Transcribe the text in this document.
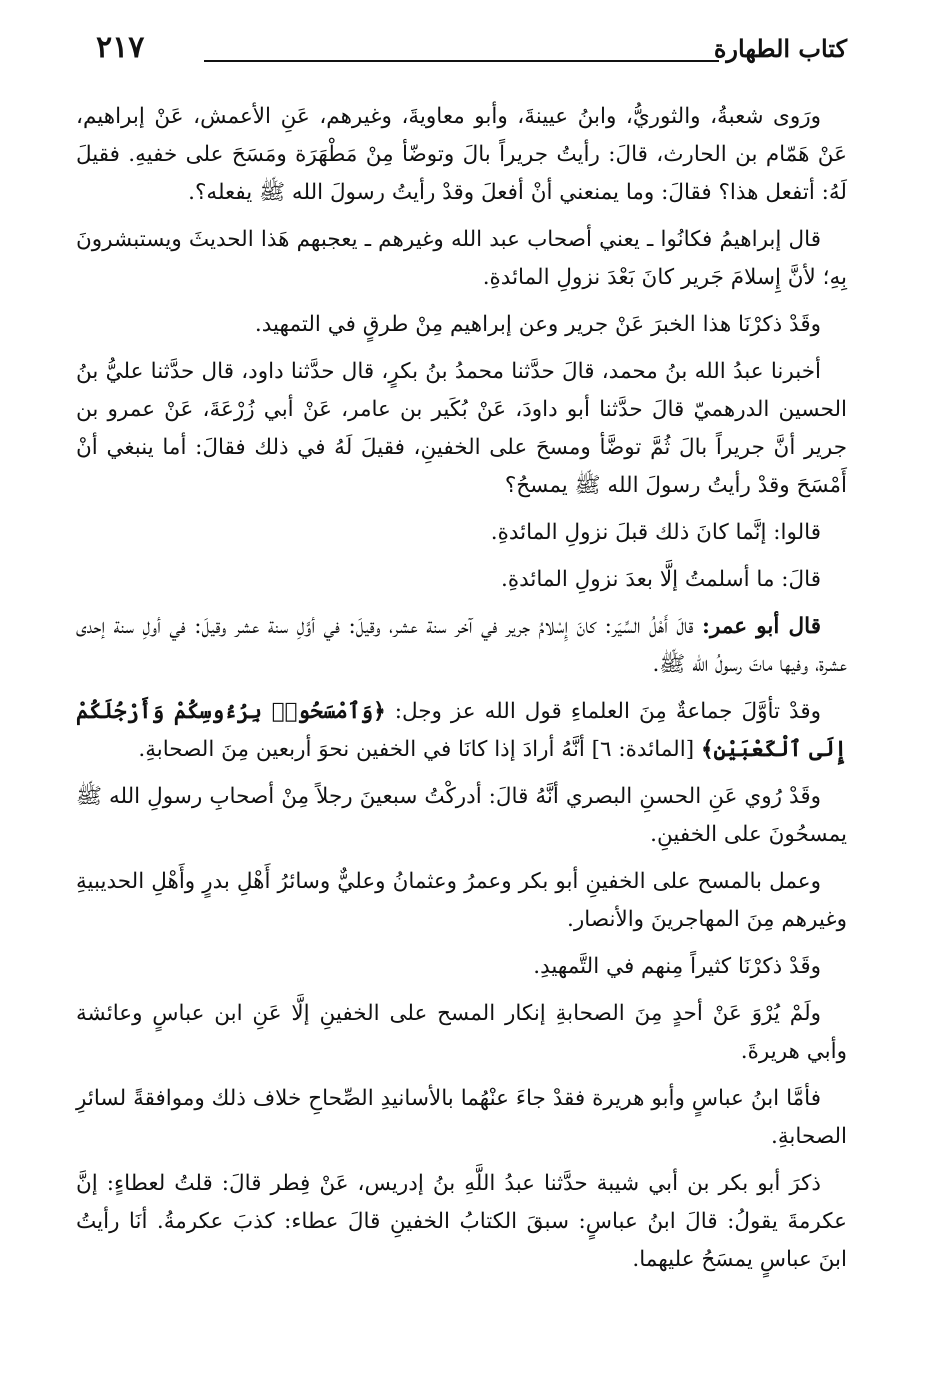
٢١٧	كتاب الطهارة

ورَوى شعبةُ، والثوريُّ، وابنُ عيينةَ، وأبو معاويةَ، وغيرهم، عَنِ الأعمش، عَنْ إبراهيم، عَنْ هَمّام بن الحارث، قالَ: رأيتُ جريراً بالَ وتوضّأ مِنْ مَطْهَرَة ومَسَحَ على خفيهِ. فقيلَ لَهُ: أتفعل هذا؟ فقالَ: وما يمنعني أنْ أفعلَ وقدْ رأيتُ رسولَ الله ﷺ يفعله؟.

قال إبراهيمُ فكانُوا ـ يعني أصحاب عبد الله وغيرهم ـ يعجبهم هَذا الحديثَ ويستبشرونَ بِهِ؛ لأنَّ إِسلامَ جَرير كانَ بَعْدَ نزولِ المائدةِ.

وقَدْ ذكرْنَا هذا الخبرَ عَنْ جرير وعن إبراهيم مِنْ طرقٍ في التمهيد.

أخبرنا عبدُ الله بنُ محمد، قالَ حدَّثنا محمدُ بنُ بكرٍ، قال حدَّثنا داود، قال حدَّثنا عليُّ بنُ الحسين الدرهميّ قالَ حدَّثنا أبو داودَ، عَنْ بُكَير بن عامر، عَنْ أبي زُرْعَةَ، عَنْ عمرو بن جرير أنَّ جريراً بالَ ثُمَّ توضَّأ ومسحَ على الخفينِ، فقيلَ لَهُ في ذلك فقالَ: أما ينبغي أنْ أَمْسَحَ وقدْ رأيتُ رسولَ الله ﷺ يمسحُ؟

قالوا: إنَّما كانَ ذلك قبلَ نزولِ المائدةِ.

قالَ: ما أسلمتُ إلَّا بعدَ نزولِ المائدةِ.

قال أبو عمر: قالَ أَهْلُ السِّيَر: كانَ إِسْلامُ جرير في آخر سنة عشر، وقيلَ: في أوَّلِ سنة عشر وقيلَ: في أولِ سنة إحدى عشرة، وفيها ماتَ رسولُ الله ﷺ.

وقدْ تأوَّلَ جماعةٌ مِنَ العلماءِ قول الله عز وجل: ﴿وَٱمْسَحُوا۟ بِرُءُوسِكُمْ وَأَرْجُلَكُمْ إِلَى ٱلْكَعْبَيْنِ﴾ [المائدة: ٦] أنَّهُ أرادَ إذا كانَا في الخفين نحوَ أربعين مِنَ الصحابةِ.

وقَدْ رُوي عَنِ الحسنِ البصري أنَّهُ قالَ: أدركْتُ سبعينَ رجلاً مِنْ أصحابِ رسولِ الله ﷺ يمسحُونَ على الخفينِ.

وعمل بالمسح على الخفينِ أبو بكر وعمرُ وعثمانُ وعليٌّ وسائرُ أَهْلِ بدرٍ وأَهْلِ الحديبيةِ وغيرهم مِنَ المهاجرينَ والأنصار.

وقَدْ ذكرْنَا كثيراً مِنهم في التَّمهيدِ.

ولَمْ يُرْوَ عَنْ أحدٍ مِنَ الصحابةِ إنكار المسح على الخفينِ إلَّا عَنِ ابن عباسٍ وعائشة وأبي هريرةَ.

فأمَّا ابنُ عباسٍ وأبو هريرة فقدْ جاءَ عنْهُما بالأسانيدِ الصِّحاحِ خلاف ذلك وموافقةً لسائرِ الصحابةِ.

ذكرَ أبو بكر بن أبي شيبة حدَّثنا عبدُ اللَّهِ بنُ إدريس، عَنْ فِطر قالَ: قلتُ لعطاءٍ: إنَّ عكرمةَ يقولُ: قالَ ابنُ عباسٍ: سبقَ الكتابُ الخفينِ قالَ عطاء: كذبَ عكرمةُ. أنَا رأيتُ ابنَ عباسٍ يمسَحُ عليهما.
